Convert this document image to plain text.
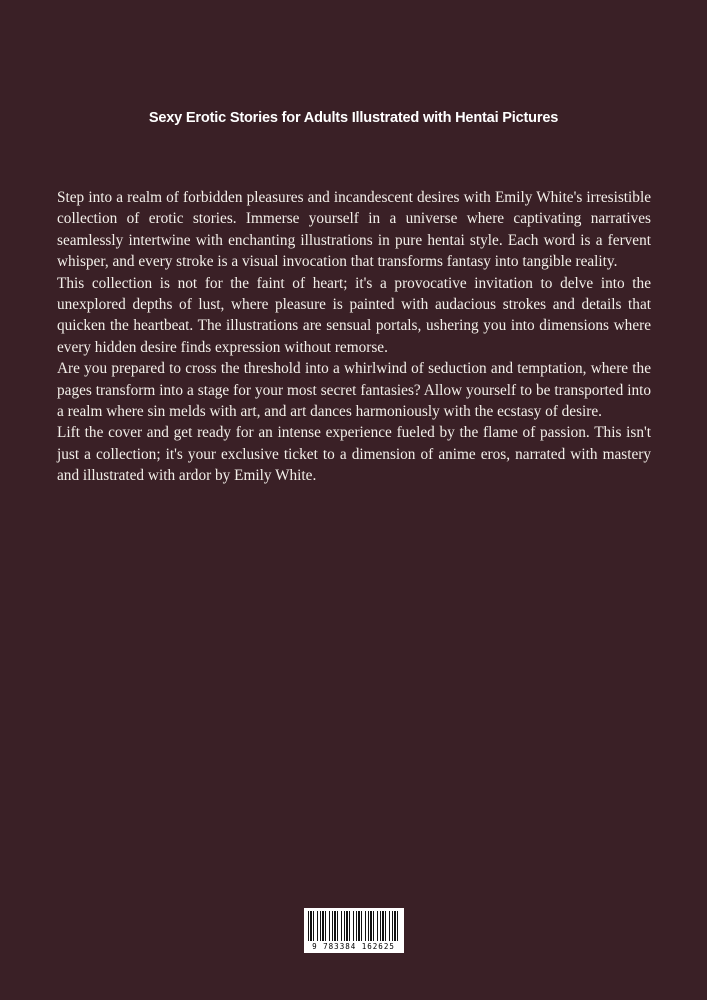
Sexy Erotic Stories for Adults Illustrated with Hentai Pictures

Step into a realm of forbidden pleasures and incandescent desires with Emily White's irresistible collection of erotic stories. Immerse yourself in a universe where captivating narratives seamlessly intertwine with enchanting illustrations in pure hentai style. Each word is a fervent whisper, and every stroke is a visual invocation that transforms fantasy into tangible reality.

This collection is not for the faint of heart; it's a provocative invitation to delve into the unexplored depths of lust, where pleasure is painted with audacious strokes and details that quicken the heartbeat. The illustrations are sensual portals, ushering you into dimensions where every hidden desire finds expression without remorse.

Are you prepared to cross the threshold into a whirlwind of seduction and temptation, where the pages transform into a stage for your most secret fantasies? Allow yourself to be transported into a realm where sin melds with art, and art dances harmoniously with the ecstasy of desire.

Lift the cover and get ready for an intense experience fueled by the flame of passion. This isn't just a collection; it's your exclusive ticket to a dimension of anime eros, narrated with mastery and illustrated with ardor by Emily White.

9 783384 162625
